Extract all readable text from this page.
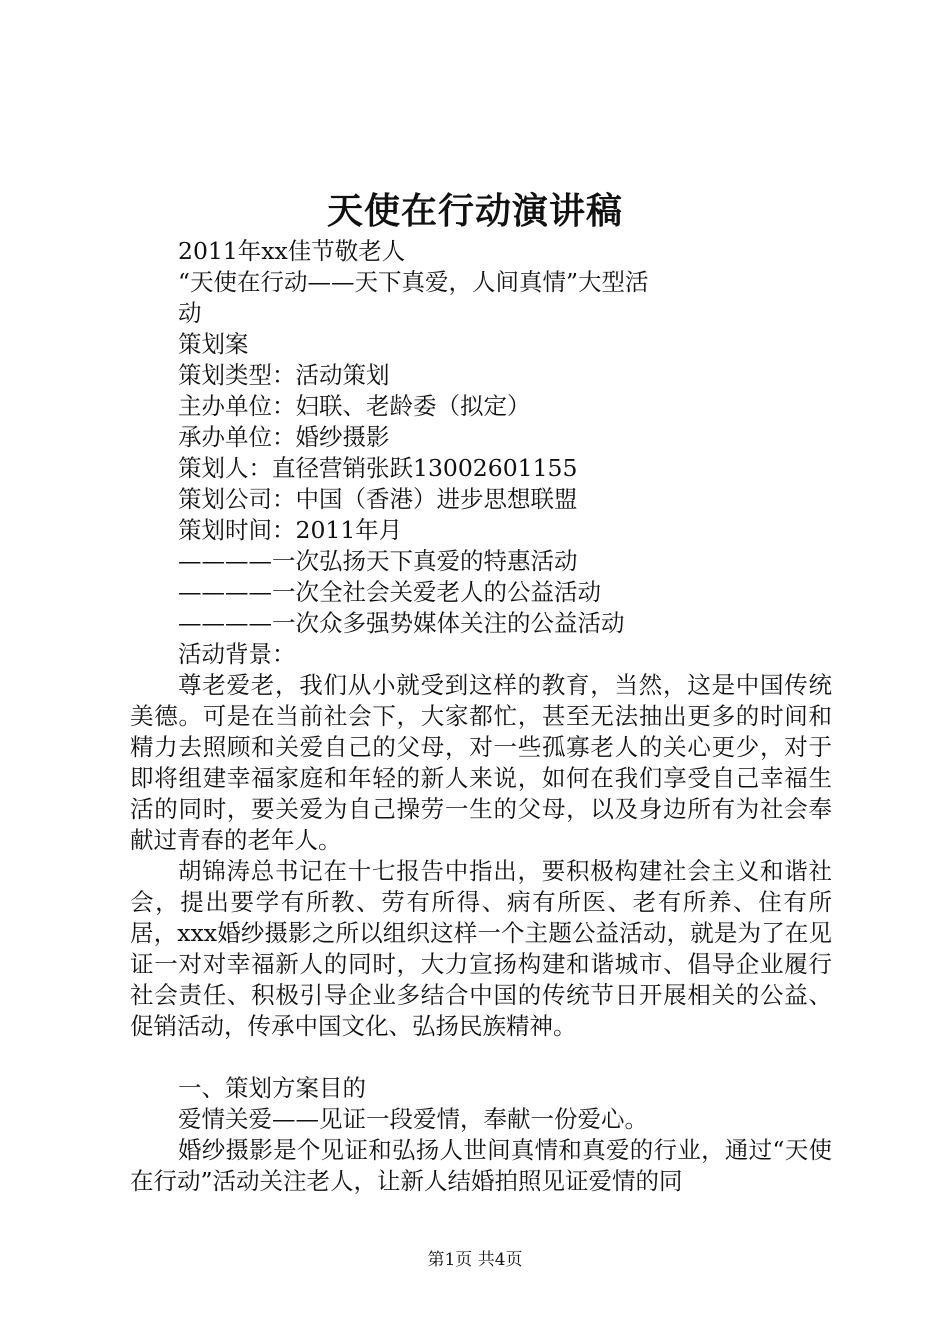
天使在行动演讲稿
2011年xx佳节敬老人
“天使在行动——天下真爱，人间真情”大型活
动
策划案
策划类型：活动策划
主办单位：妇联、老龄委（拟定）
承办单位：婚纱摄影
策划人：直径营销张跃13002601155
策划公司：中国（香港）进步思想联盟
策划时间：2011年月
————一次弘扬天下真爱的特惠活动
————一次全社会关爱老人的公益活动
————一次众多强势媒体关注的公益活动
活动背景：
尊老爱老，我们从小就受到这样的教育，当然，这是中国传统美德。可是在当前社会下，大家都忙，甚至无法抽出更多的时间和精力去照顾和关爱自己的父母，对一些孤寡老人的关心更少，对于即将组建幸福家庭和年轻的新人来说，如何在我们享受自己幸福生活的同时，要关爱为自己操劳一生的父母，以及身边所有为社会奉献过青春的老年人。
胡锦涛总书记在十七报告中指出，要积极构建社会主义和谐社会，提出要学有所教、劳有所得、病有所医、老有所养、住有所居，xxx婚纱摄影之所以组织这样一个主题公益活动，就是为了在见证一对对幸福新人的同时，大力宣扬构建和谐城市、倡导企业履行社会责任、积极引导企业多结合中国的传统节日开展相关的公益、促销活动，传承中国文化、弘扬民族精神。
一、策划方案目的
爱情关爱——见证一段爱情，奉献一份爱心。
婚纱摄影是个见证和弘扬人世间真情和真爱的行业，通过“天使在行动”活动关注老人，让新人结婚拍照见证爱情的同
第1页 共4页
